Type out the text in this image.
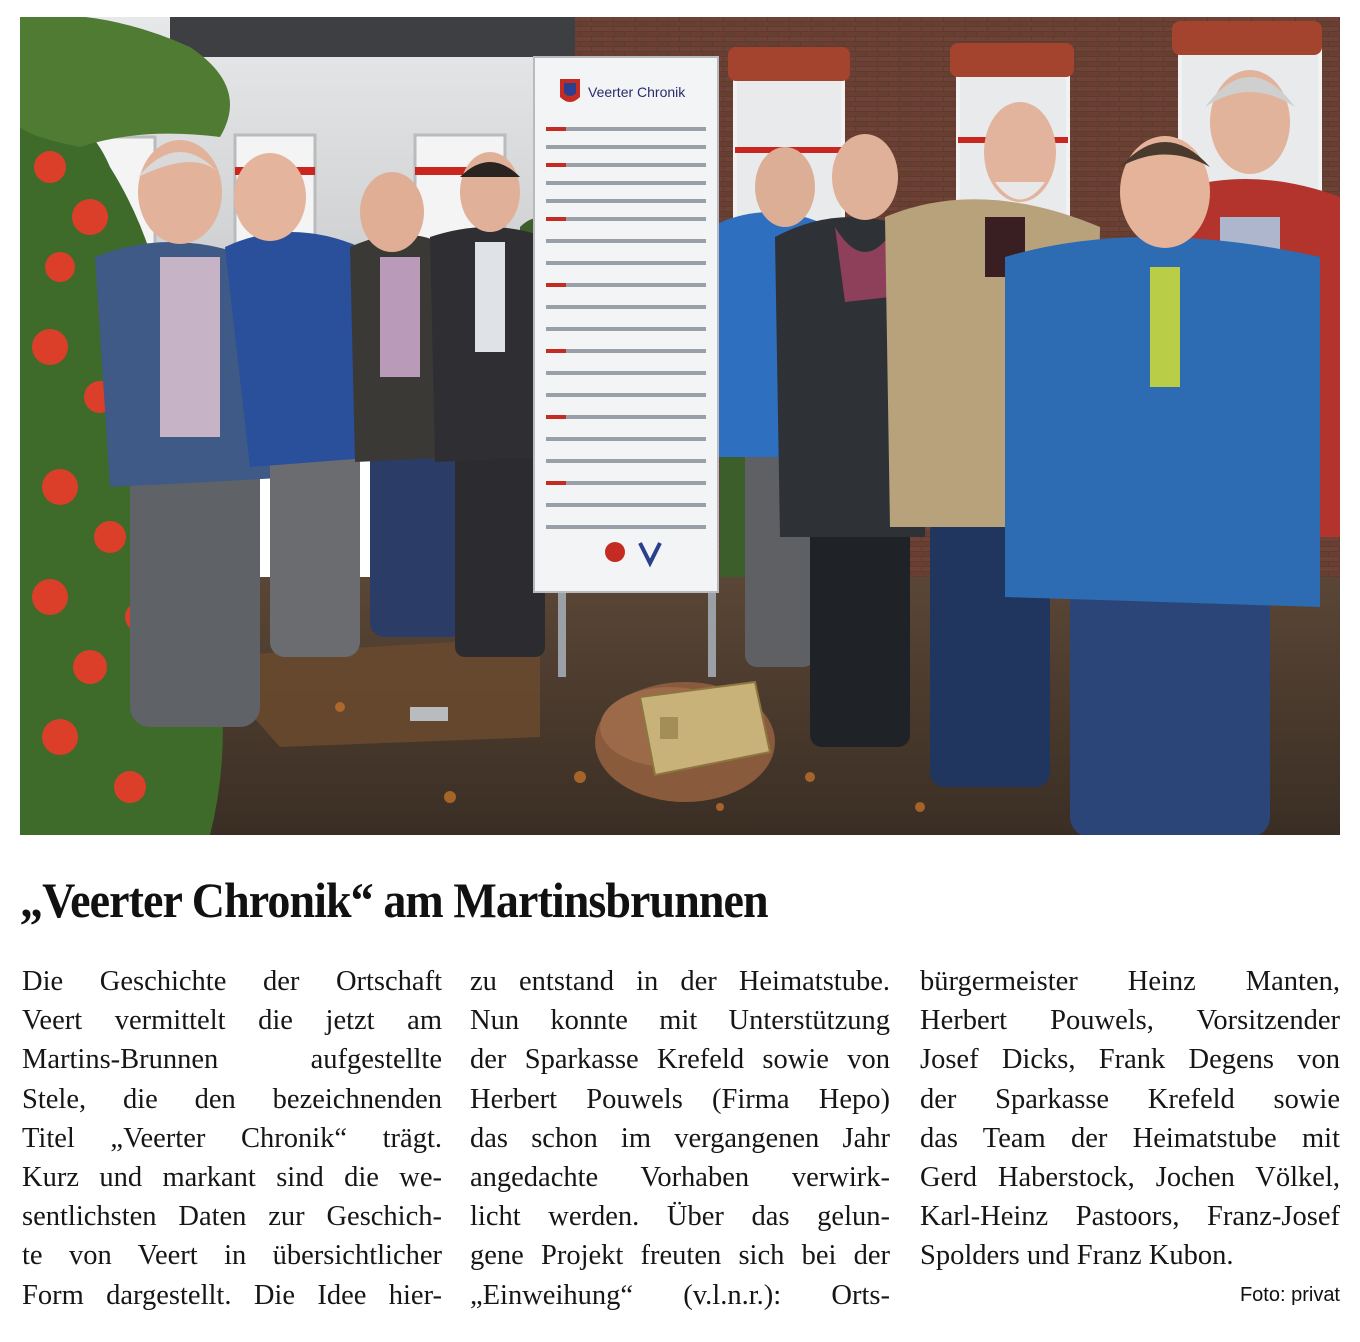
Veerter Chronik
„Veerter Chronik“ am Martinsbrunnen
Die Geschichte der Ortschaft
Veert vermittelt die jetzt am
Martins-Brunnen aufgestellte
Stele, die den bezeichnenden
Titel „Veerter Chronik“ trägt.
Kurz und markant sind die we-
sentlichsten Daten zur Geschich-
te von Veert in übersichtlicher
Form dargestellt. Die Idee hier-
zu entstand in der Heimatstube.
Nun konnte mit Unterstützung
der Sparkasse Krefeld sowie von
Herbert Pouwels (Firma Hepo)
das schon im vergangenen Jahr
angedachte Vorhaben verwirk-
licht werden. Über das gelun-
gene Projekt freuten sich bei der
„Einweihung“ (v.l.n.r.): Orts-
bürgermeister Heinz Manten,
Herbert Pouwels, Vorsitzender
Josef Dicks, Frank Degens von
der Sparkasse Krefeld sowie
das Team der Heimatstube mit
Gerd Haberstock, Jochen Völkel,
Karl-Heinz Pastoors, Franz-Josef
Spolders und Franz Kubon.
Foto: privat
